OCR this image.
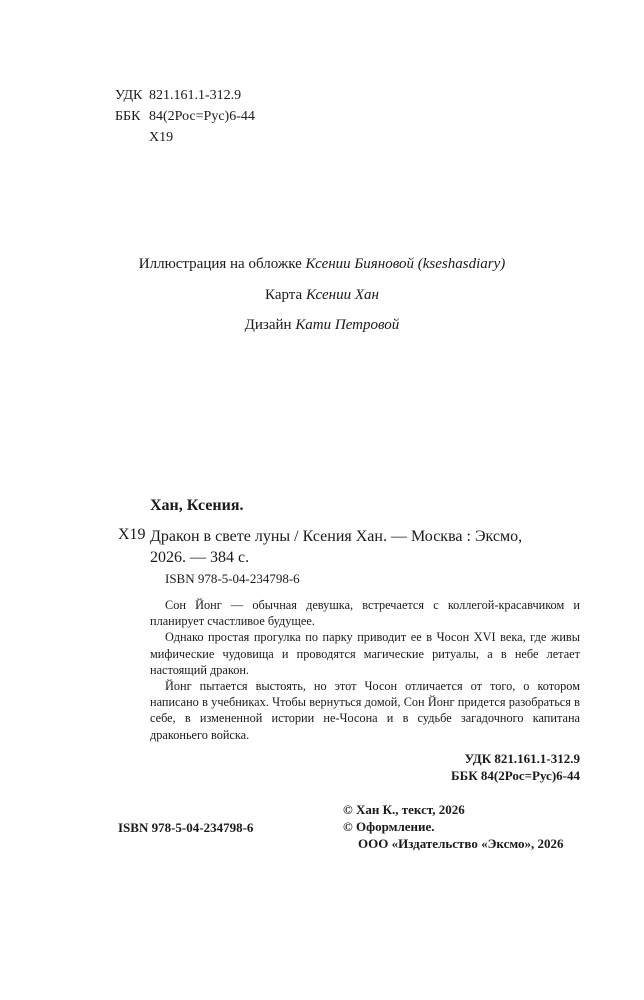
УДК 821.161.1-312.9
ББК 84(2Рос=Рус)6-44
Х19
Иллюстрация на обложке Ксении Бияновой (kseshasdiary)
Карта Ксении Хан
Дизайн Кати Петровой
Хан, Ксения.
Х19 Дракон в свете луны / Ксения Хан. — Москва : Эксмо,
2026. — 384 с.
ISBN 978-5-04-234798-6

Сон Йонг — обычная девушка, встречается с коллегой-красавчиком и планирует счастливое будущее.

Однако простая прогулка по парку приводит ее в Чосон XVI века, где живы мифические чудовища и проводятся магические ритуалы, а в небе летает настоящий дракон.

Йонг пытается выстоять, но этот Чосон отличается от того, о котором написано в учебниках. Чтобы вернуться домой, Сон Йонг придется разобраться в себе, в измененной истории не-Чосона и в судьбе загадочного капитана драконьего войска.

УДК 821.161.1-312.9
ББК 84(2Рос=Рус)6-44
© Хан К., текст, 2026
© Оформление.
ООО «Издательство «Эксмо», 2026
ISBN 978-5-04-234798-6
